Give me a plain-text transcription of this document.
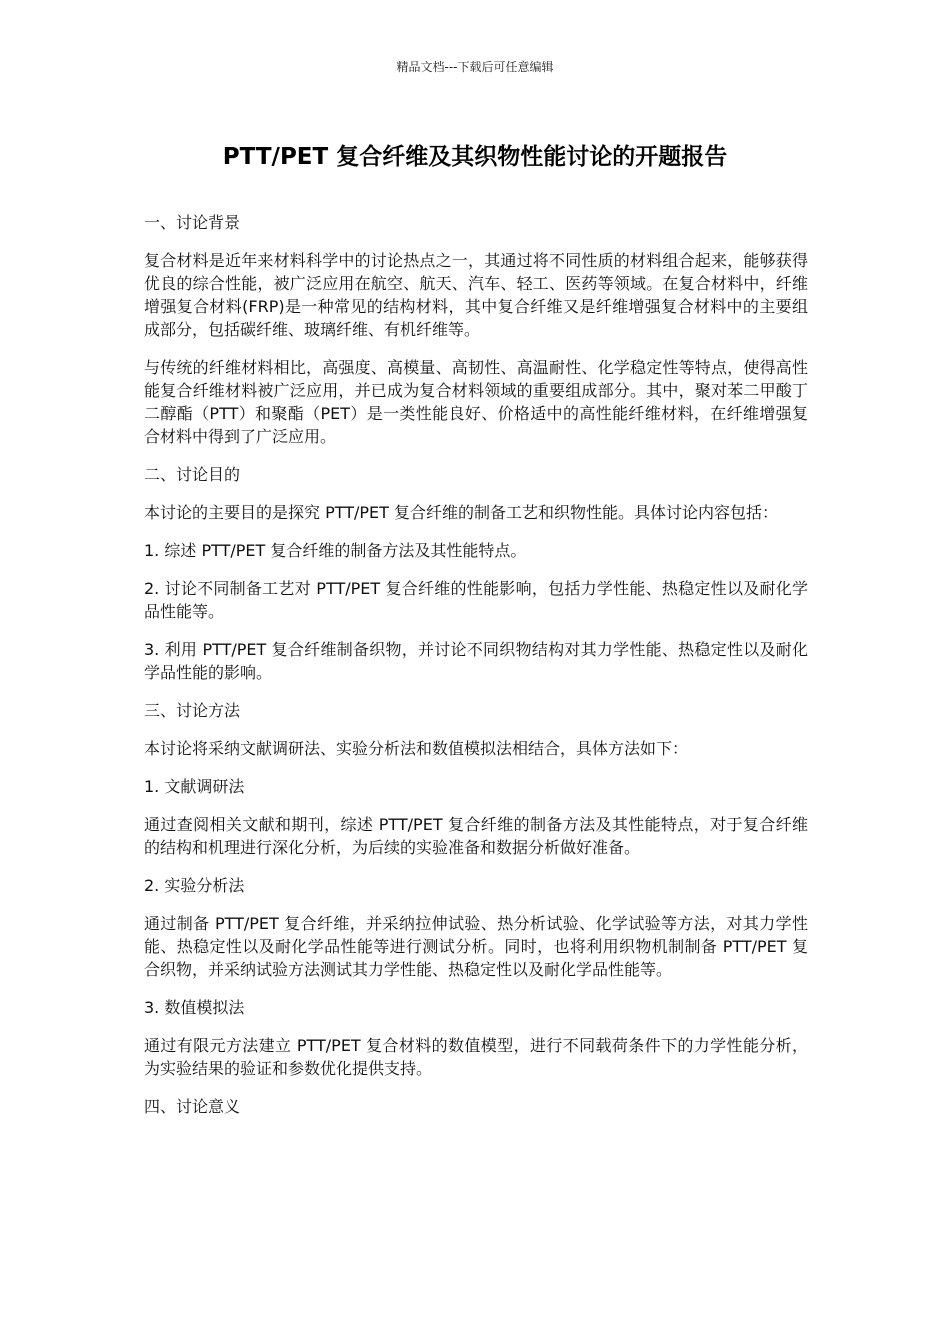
精品文档---下载后可任意编辑
PTT/PET 复合纤维及其织物性能讨论的开题报告

一、讨论背景

复合材料是近年来材料科学中的讨论热点之一，其通过将不同性质的材料组合起来，能够获得优良的综合性能，被广泛应用在航空、航天、汽车、轻工、医药等领域。在复合材料中，纤维增强复合材料(FRP)是一种常见的结构材料，其中复合纤维又是纤维增强复合材料中的主要组成部分，包括碳纤维、玻璃纤维、有机纤维等。

与传统的纤维材料相比，高强度、高模量、高韧性、高温耐性、化学稳定性等特点，使得高性能复合纤维材料被广泛应用，并已成为复合材料领域的重要组成部分。其中，聚对苯二甲酸丁二醇酯（PTT）和聚酯（PET）是一类性能良好、价格适中的高性能纤维材料，在纤维增强复合材料中得到了广泛应用。

二、讨论目的

本讨论的主要目的是探究 PTT/PET 复合纤维的制备工艺和织物性能。具体讨论内容包括：

1. 综述 PTT/PET 复合纤维的制备方法及其性能特点。

2. 讨论不同制备工艺对 PTT/PET 复合纤维的性能影响，包括力学性能、热稳定性以及耐化学品性能等。

3. 利用 PTT/PET 复合纤维制备织物，并讨论不同织物结构对其力学性能、热稳定性以及耐化学品性能的影响。

三、讨论方法

本讨论将采纳文献调研法、实验分析法和数值模拟法相结合，具体方法如下：

1. 文献调研法

通过查阅相关文献和期刊，综述 PTT/PET 复合纤维的制备方法及其性能特点，对于复合纤维的结构和机理进行深化分析，为后续的实验准备和数据分析做好准备。

2. 实验分析法

通过制备 PTT/PET 复合纤维，并采纳拉伸试验、热分析试验、化学试验等方法，对其力学性能、热稳定性以及耐化学品性能等进行测试分析。同时，也将利用织物机制制备 PTT/PET 复合织物，并采纳试验方法测试其力学性能、热稳定性以及耐化学品性能等。

3. 数值模拟法

通过有限元方法建立 PTT/PET 复合材料的数值模型，进行不同载荷条件下的力学性能分析，为实验结果的验证和参数优化提供支持。

四、讨论意义
